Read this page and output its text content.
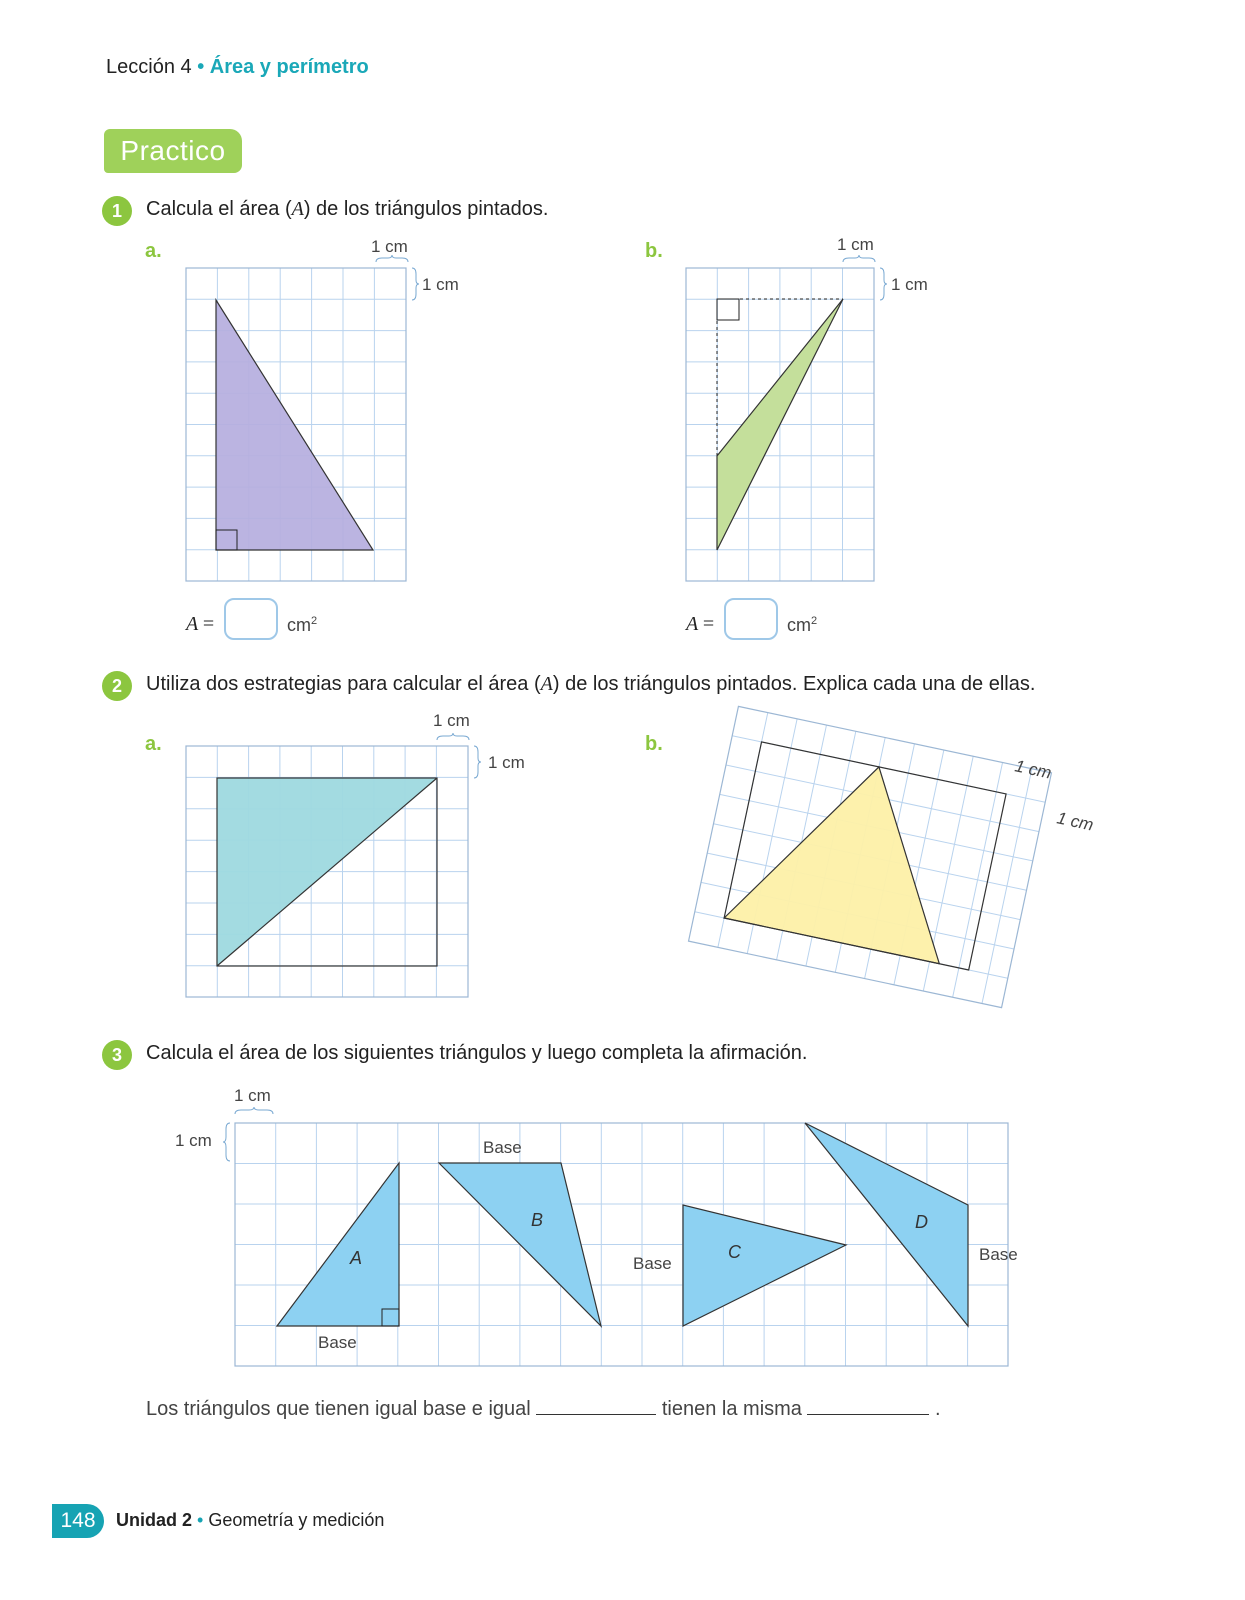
Lección 4 • Área y perímetro
Practico
1	Calcula el área (A) de los triángulos pintados.
a.	b.
1 cm
1 cm
1 cm
1 cm
A =	$cm^2$	A =	$cm^2$
2	Utiliza dos estrategias para calcular el área (A) de los triángulos pintados. Explica cada una de ellas.
a.	b.
1 cm
1 cm	1 cm
1 cm
3	Calcula el área de los siguientes triángulos y luego completa la afirmación.
A
B
C
D
Base
Base
Base	Base
1 cm
1 cm
Los triángulos que tienen igual base e igual	tienen la misma	.
148	Unidad 2 • Geometría y medición
